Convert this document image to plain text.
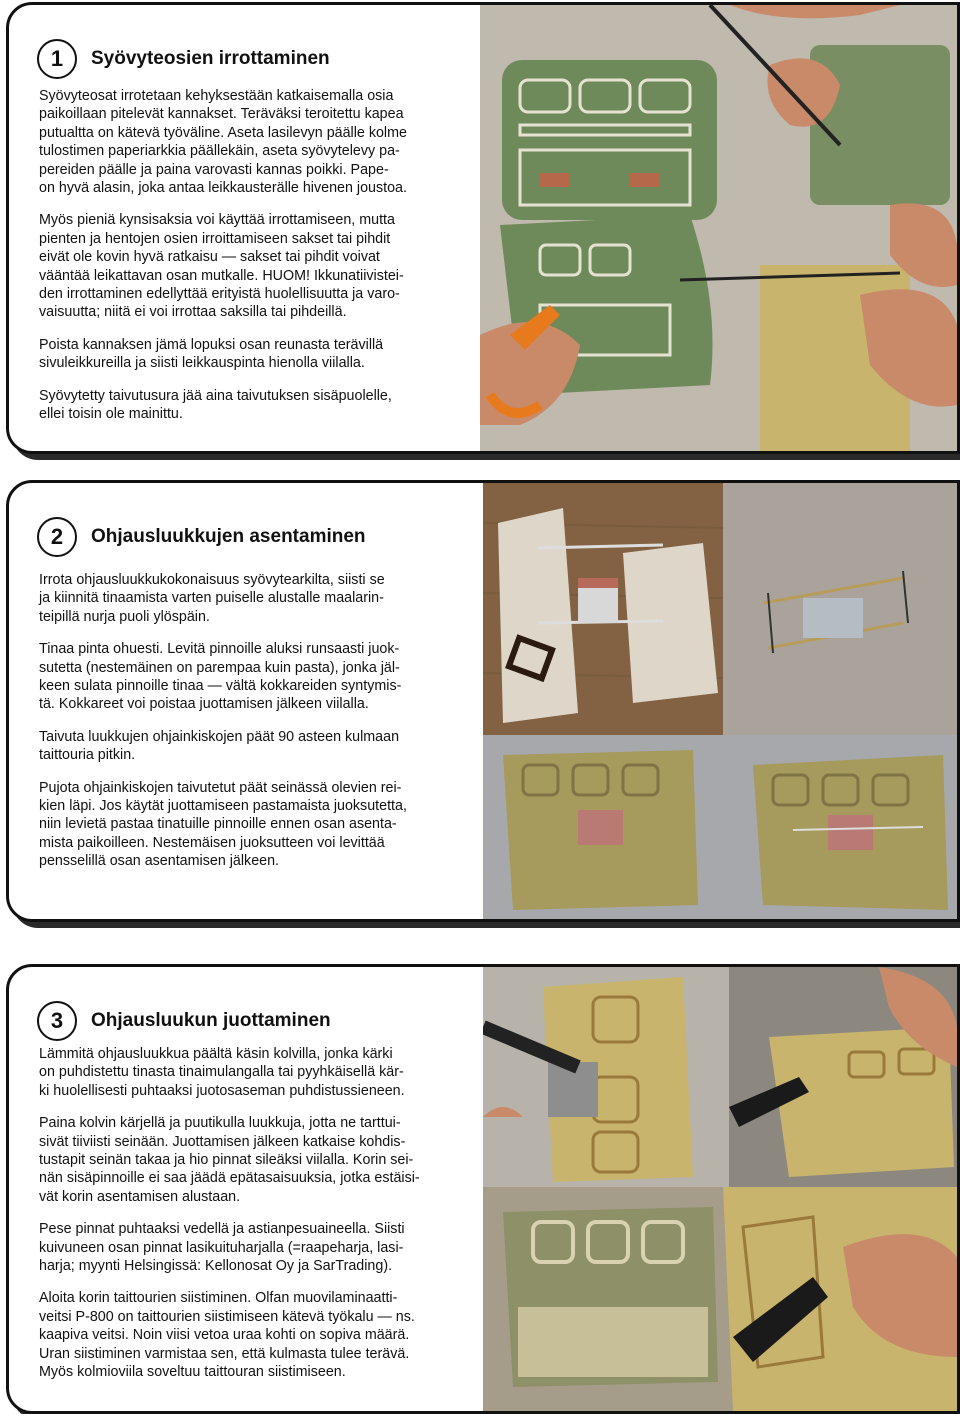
1	Syövyteosien irrottaminen

Syövyteosat irrotetaan kehyksestään katkaisemalla osia
paikoillaan pitelevät kannakset. Teräväksi teroitettu kapea
putualtta on kätevä työväline. Aseta lasilevyn päälle kolme
tulostimen paperiarkkia päällekäin, aseta syövytelevy pa-
pereiden päälle ja paina varovasti kannas poikki. Pape-
on hyvä alasin, joka antaa leikkausterälle hivenen joustoa.

Myös pieniä kynsisaksia voi käyttää irrottamiseen, mutta
pienten ja hentojen osien irroittamiseen sakset tai pihdit
eivät ole kovin hyvä ratkaisu — sakset tai pihdit voivat
vääntää leikattavan osan mutkalle. HUOM! Ikkunatiivistei-
den irrottaminen edellyttää erityistä huolellisuutta ja varo-
vaisuutta; niitä ei voi irrottaa saksilla tai pihdeillä.

Poista kannaksen jämä lopuksi osan reunasta terävillä
sivuleikkureilla ja siisti leikkauspinta hienolla viilalla.

Syövytetty taivutusura jää aina taivutuksen sisäpuolelle,
ellei toisin ole mainittu.

2	Ohjausluukkujen asentaminen

Irrota ohjausluukkukokonaisuus syövytearkilta, siisti se
ja kiinnitä tinaamista varten puiselle alustalle maalarin-
teipillä nurja puoli ylöspäin.

Tinaa pinta ohuesti. Levitä pinnoille aluksi runsaasti juok-
sutetta (nestemäinen on parempaa kuin pasta), jonka jäl-
keen sulata pinnoille tinaa — vältä kokkareiden syntymis-
tä. Kokkareet voi poistaa juottamisen jälkeen viilalla.

Taivuta luukkujen ohjainkiskojen päät 90 asteen kulmaan
taittouria pitkin.

Pujota ohjainkiskojen taivutetut päät seinässä olevien rei-
kien läpi. Jos käytät juottamiseen pastamaista juoksutetta,
niin levietä pastaa tinatuille pinnoille ennen osan asenta-
mista paikoilleen. Nestemäisen juoksutteen voi levittää
pensselillä osan asentamisen jälkeen.

3	Ohjausluukun juottaminen

Lämmitä ohjausluukkua päältä käsin kolvilla, jonka kärki
on puhdistettu tinasta tinaimulangalla tai pyyhkäisellä kär-
ki huolellisesti puhtaaksi juotosaseman puhdistussieneen.

Paina kolvin kärjellä ja puutikulla luukkuja, jotta ne tarttui-
sivät tiiviisti seinään. Juottamisen jälkeen katkaise kohdis-
tustapit seinän takaa ja hio pinnat sileäksi viilalla. Korin sei-
nän sisäpinnoille ei saa jäädä epätasaisuuksia, jotka estäisi-
vät korin asentamisen alustaan.

Pese pinnat puhtaaksi vedellä ja astianpesuaineella. Siisti
kuivuneen osan pinnat lasikuituharjalla (=raapeharja, lasi-
harja; myynti Helsingissä: Kellonosat Oy ja SarTrading).

Aloita korin taittourien siistiminen. Olfan muovilaminaatti-
veitsi P-800 on taittourien siistimiseen kätevä työkalu — ns.
kaapiva veitsi. Noin viisi vetoa uraa kohti on sopiva määrä.
Uran siistiminen varmistaa sen, että kulmasta tulee terävä.
Myös kolmioviila soveltuu taittouran siistimiseen.
